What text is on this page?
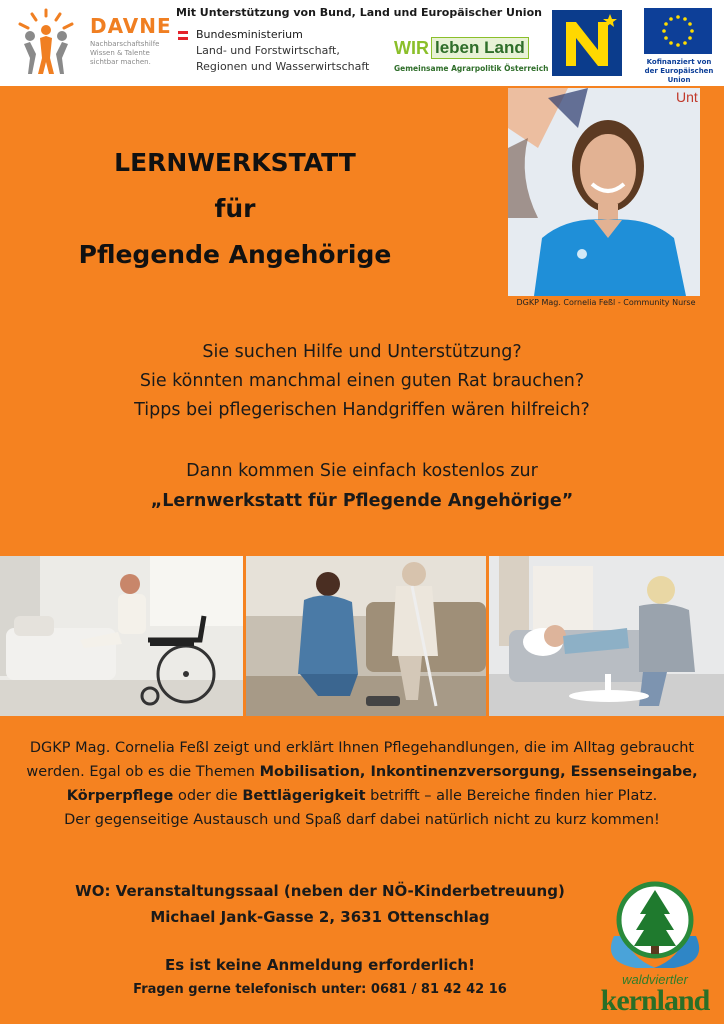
DAVNE
Nachbarschaftshilfe
Wissen & Talente
sichtbar machen.
Mit Unterstützung von Bund, Land und Europäischer Union
Bundesministerium
Land- und Forstwirtschaft,
Regionen und Wasserwirtschaft
WIR leben Land
Gemeinsame Agrarpolitik Österreich
Kofinanziert von der Europäischen Union
LERNWERKSTATT
für
Pflegende Angehörige
Unt
DGKP Mag. Cornelia Feßl - Community Nurse
Sie suchen Hilfe und Unterstützung?
Sie könnten manchmal einen guten Rat brauchen?
Tipps bei pflegerischen Handgriffen wären hilfreich?
Dann kommen Sie einfach kostenlos zur
„Lernwerkstatt für Pflegende Angehörige”
DGKP Mag. Cornelia Feßl zeigt und erklärt Ihnen Pflegehandlungen, die im Alltag gebraucht werden. Egal ob es die Themen Mobilisation, Inkontinenzversorgung, Essenseingabe, Körperpflege oder die Bettlägerigkeit betrifft – alle Bereiche finden hier Platz.
Der gegenseitige Austausch und Spaß darf dabei natürlich nicht zu kurz kommen!
WO: Veranstaltungssaal (neben der NÖ-Kinderbetreuung)
Michael Jank-Gasse 2, 3631 Ottenschlag
Es ist keine Anmeldung erforderlich!
Fragen gerne telefonisch unter: 0681 / 81 42 42 16
waldviertler
kernland
